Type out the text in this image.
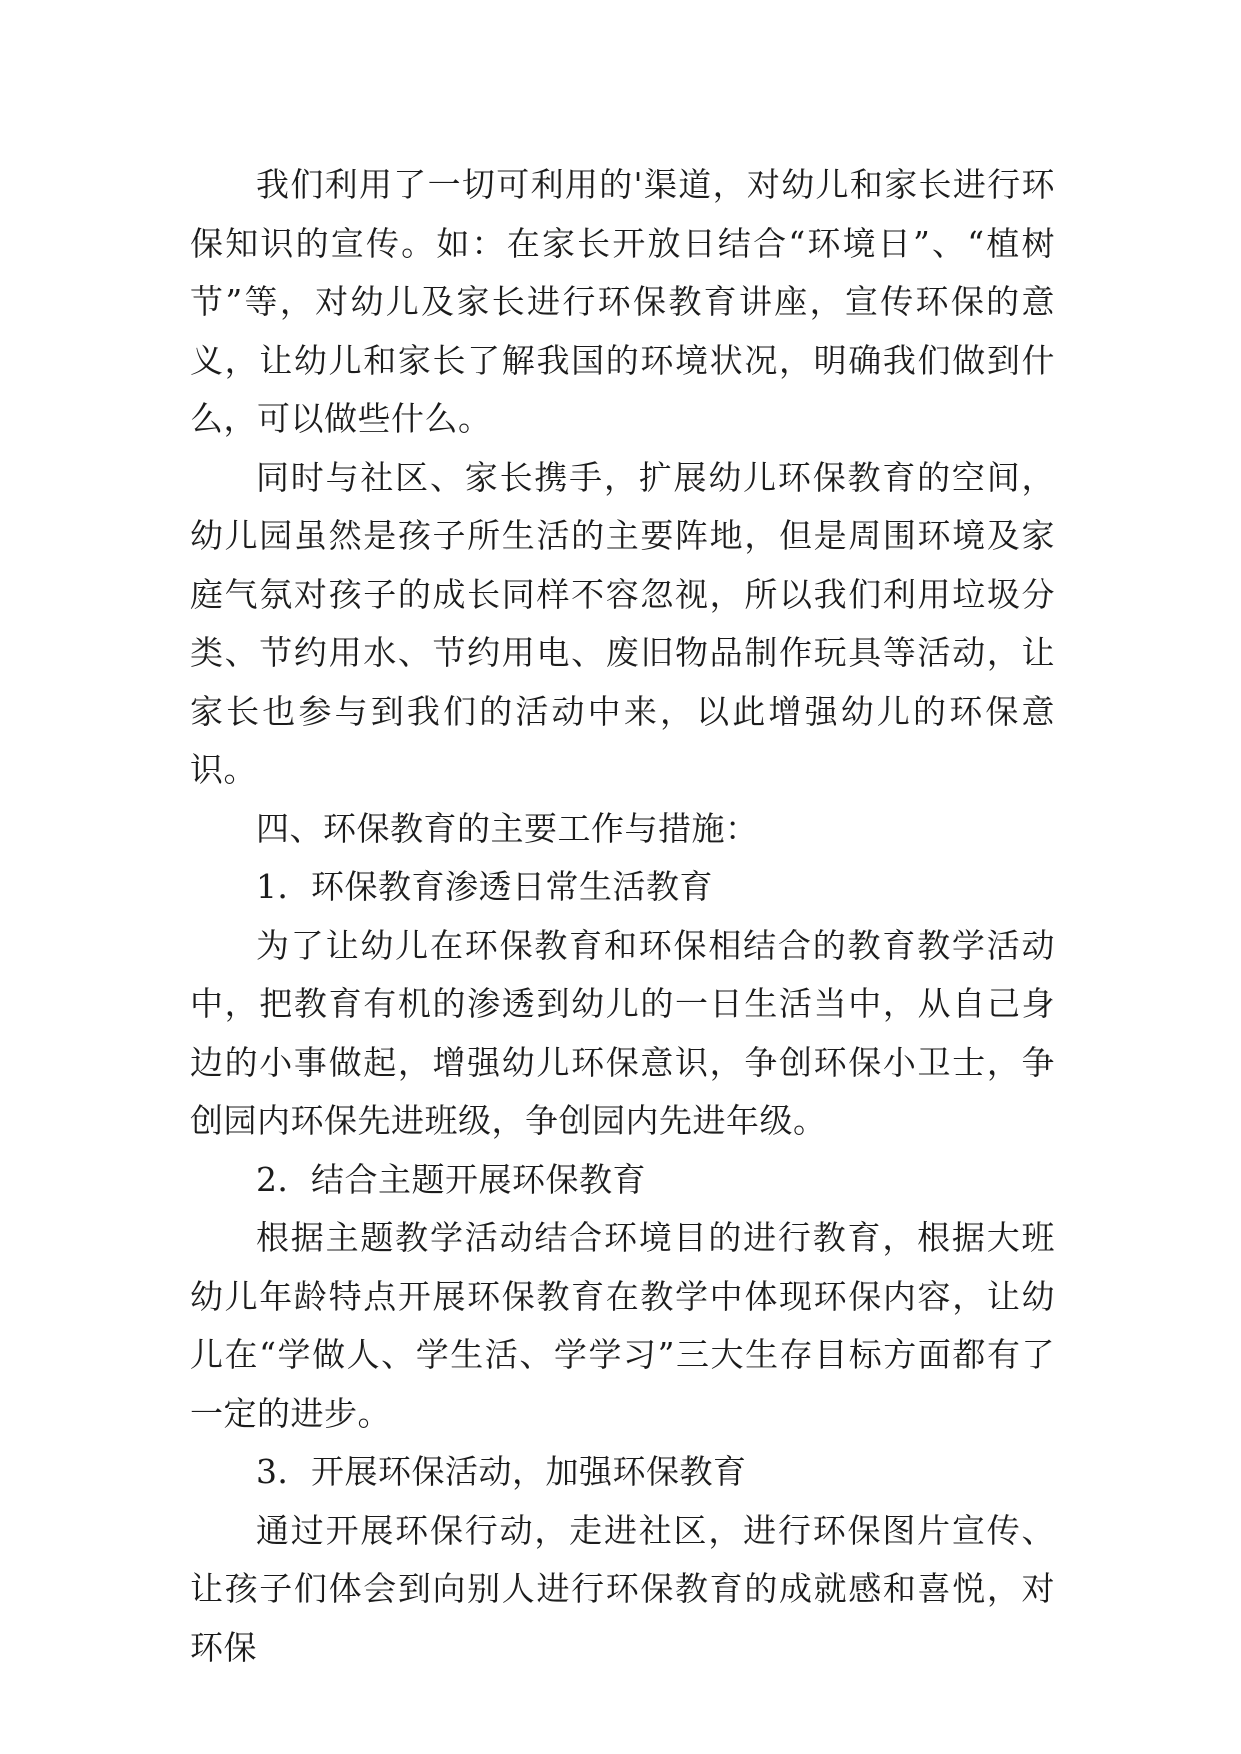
我们利用了一切可利用的'渠道，对幼儿和家长进行环保知识的宣传。如：在家长开放日结合“环境日”、“植树节”等，对幼儿及家长进行环保教育讲座，宣传环保的意义，让幼儿和家长了解我国的环境状况，明确我们做到什么，可以做些什么。

同时与社区、家长携手，扩展幼儿环保教育的空间，幼儿园虽然是孩子所生活的主要阵地，但是周围环境及家庭气氛对孩子的成长同样不容忽视，所以我们利用垃圾分类、节约用水、节约用电、废旧物品制作玩具等活动，让家长也参与到我们的活动中来，以此增强幼儿的环保意识。

四、环保教育的主要工作与措施：

1．环保教育渗透日常生活教育

为了让幼儿在环保教育和环保相结合的教育教学活动中，把教育有机的渗透到幼儿的一日生活当中，从自己身边的小事做起，增强幼儿环保意识，争创环保小卫士，争创园内环保先进班级，争创园内先进年级。

2．结合主题开展环保教育

根据主题教学活动结合环境目的进行教育，根据大班幼儿年龄特点开展环保教育在教学中体现环保内容，让幼儿在“学做人、学生活、学学习”三大生存目标方面都有了一定的进步。

3．开展环保活动，加强环保教育

通过开展环保行动，走进社区，进行环保图片宣传、让孩子们体会到向别人进行环保教育的成就感和喜悦，对环保
